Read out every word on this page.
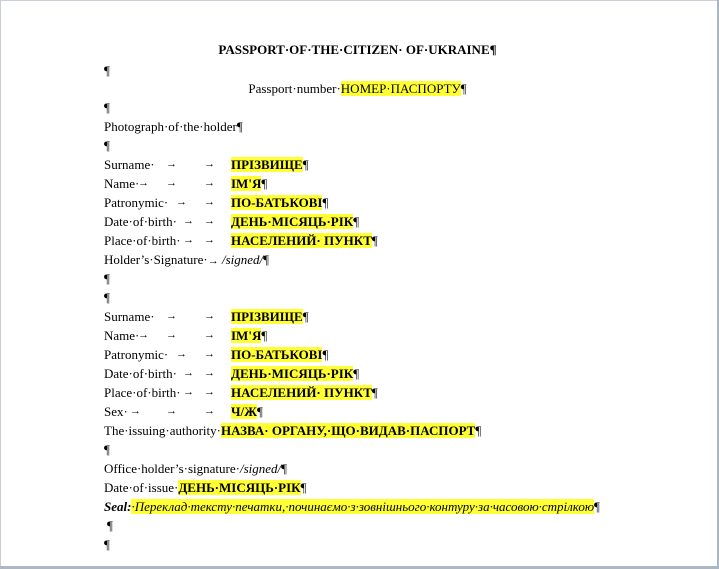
PASSPORT·OF·THE·CITIZEN· OF·UKRAINE¶
¶
Passport·number·НОМЕР·ПАСПОРТУ¶
¶
Photograph·of·the·holder¶
¶
Surname· → → ПРІЗВИЩЕ¶
Name·
→ → → ІМ'Я¶
Patronymic· → → ПО-БАТЬКОВІ¶
Date·of·birth· → → ДЕНЬ·МІСЯЦЬ·РІК¶
Place·of·birth· → → НАСЕЛЕНИЙ· ПУНКТ¶
Holder’s·Signature·→ /signed/¶
¶
¶
Surname· → → ПРІЗВИЩЕ¶
Name·
→ → → ІМ'Я¶
Patronymic· → → ПО-БАТЬКОВІ¶
Date·of·birth· → → ДЕНЬ·МІСЯЦЬ·РІК¶
Place·of·birth· → → НАСЕЛЕНИЙ· ПУНКТ¶
Sex· → → → Ч/Ж¶
The·issuing·authority·НАЗВА· ОРГАНУ,·ЩО·ВИДАВ·ПАСПОРТ¶
¶
Office·holder’s·signature·/signed/¶
Date·of·issue·ДЕНЬ·МІСЯЦЬ·РІК¶
Seal:·Переклад·тексту·печатки,·починаємо·з·зовнішнього·контуру·за·часовою·стрілкою¶
¶
¶
